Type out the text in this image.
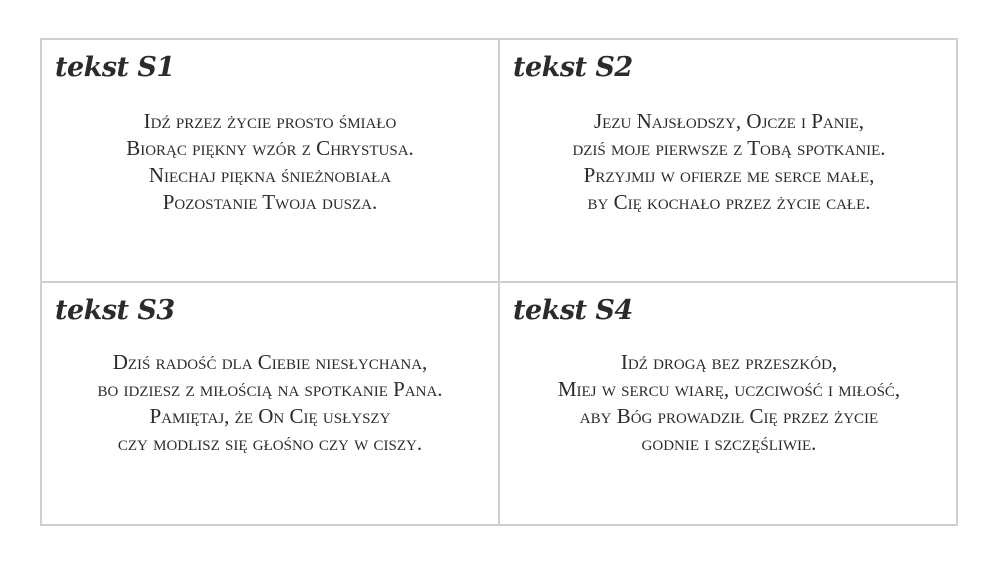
tekst S1
Idź przez życie prosto śmiało
Biorąc piękny wzór z Chrystusa.
Niechaj piękna śnieżnobiała
Pozostanie Twoja dusza.
tekst S2
Jezu Najsłodszy, Ojcze i Panie,
dziś moje pierwsze z Tobą spotkanie.
Przyjmij w ofierze me serce małe,
by Cię kochało przez życie całe.
tekst S3
Dziś radość dla Ciebie niesłychana,
bo idziesz z miłością na spotkanie Pana.
Pamiętaj, że On Cię usłyszy
czy modlisz się głośno czy w ciszy.
tekst S4
Idź drogą bez przeszkód,
Miej w sercu wiarę, uczciwość i miłość,
aby Bóg prowadził Cię przez życie
godnie i szczęśliwie.
